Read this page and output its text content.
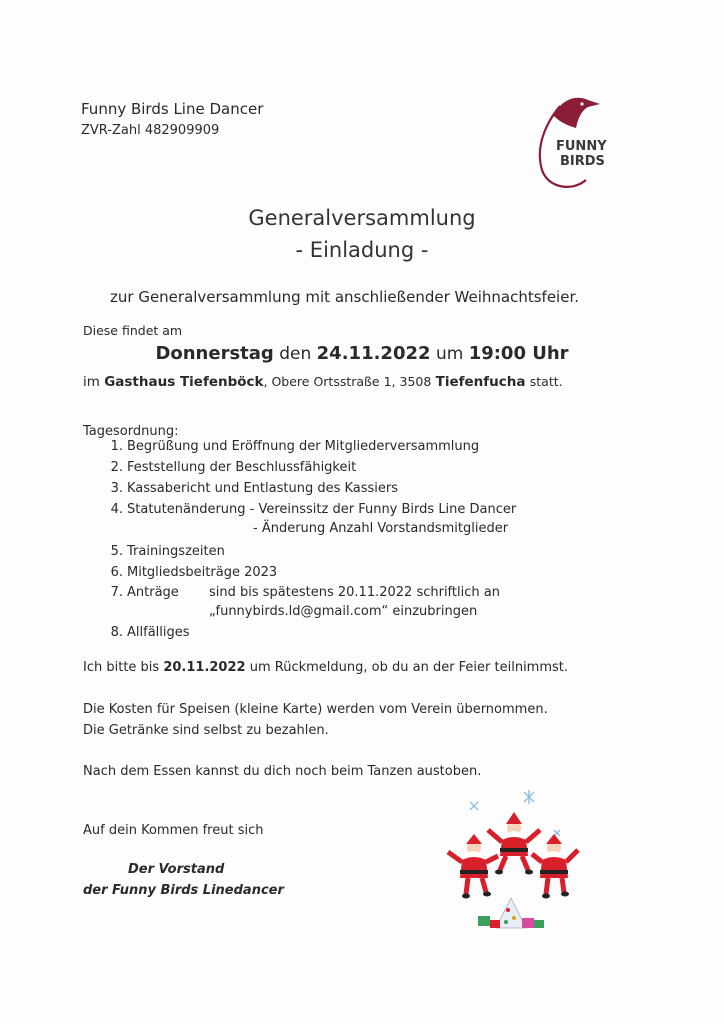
Funny Birds Line Dancer
ZVR-Zahl 482909909
FUNNY
BIRDS
Generalversammlung
- Einladung -
zur Generalversammlung mit anschließender Weihnachtsfeier.
Diese findet am
Donnerstag den 24.11.2022 um 19:00 Uhr
im Gasthaus Tiefenböck, Obere Ortsstraße 1, 3508 Tiefenfucha statt.
Tagesordnung:
1. Begrüßung und Eröffnung der Mitgliederversammlung
2. Feststellung der Beschlussfähigkeit
3. Kassabericht und Entlastung des Kassiers
4. Statutenänderung - Vereinssitz der Funny Birds Line Dancer
- Änderung Anzahl Vorstandsmitglieder
5. Trainingszeiten
6. Mitgliedsbeiträge 2023
7. Anträge sind bis spätestens 20.11.2022 schriftlich an
„funnybirds.ld@gmail.com“ einzubringen
8. Allfälliges
Ich bitte bis 20.11.2022 um Rückmeldung, ob du an der Feier teilnimmst.
Die Kosten für Speisen (kleine Karte) werden vom Verein übernommen.
Die Getränke sind selbst zu bezahlen.
Nach dem Essen kannst du dich noch beim Tanzen austoben.
Auf dein Kommen freut sich
Der Vorstand
der Funny Birds Linedancer
